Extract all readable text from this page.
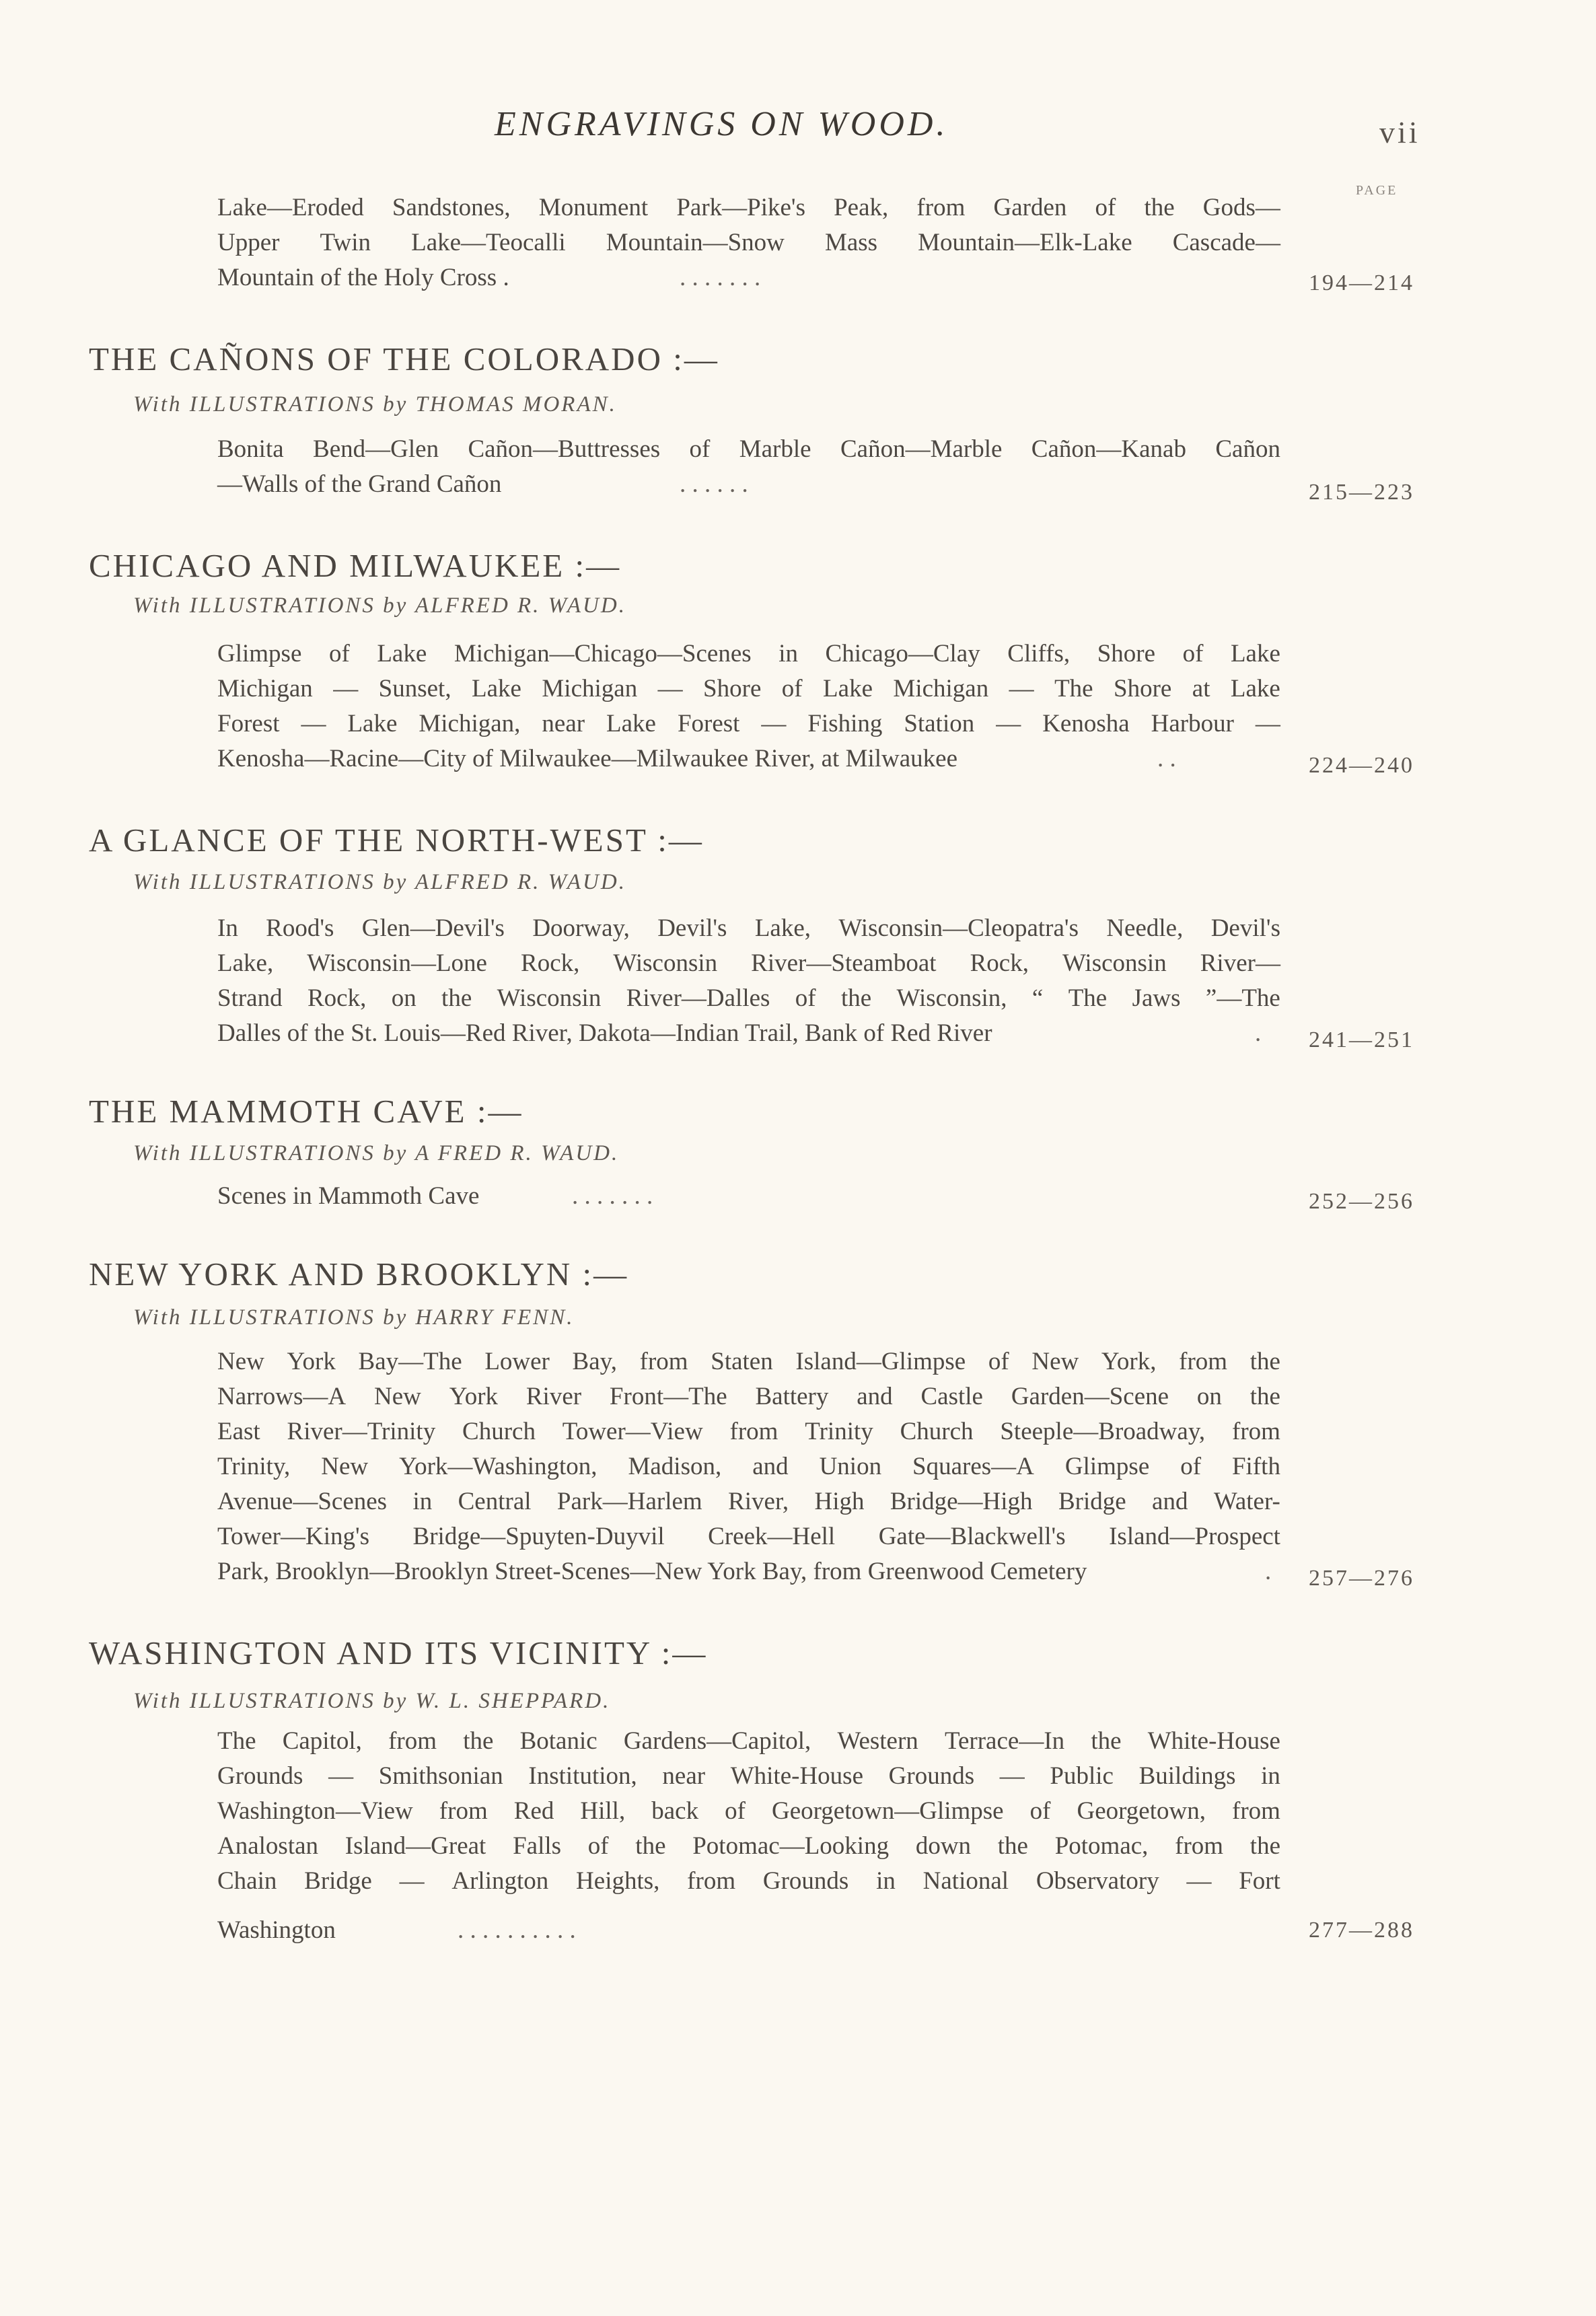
ENGRAVINGS ON WOOD.	vii
PAGE
Lake—Eroded Sandstones, Monument Park—Pike's Peak, from Garden of the Gods—
Upper Twin Lake—Teocalli Mountain—Snow Mass Mountain—Elk-Lake Cascade—
Mountain of the Holy Cross .	. . . . . . .	194—214
THE CAÑONS OF THE COLORADO :—
With ILLUSTRATIONS by THOMAS MORAN.
Bonita Bend—Glen Cañon—Buttresses of Marble Cañon—Marble Cañon—Kanab Cañon
—Walls of the Grand Cañon	. . . . . .	215—223
CHICAGO AND MILWAUKEE :—
With ILLUSTRATIONS by ALFRED R. WAUD.
Glimpse of Lake Michigan—Chicago—Scenes in Chicago—Clay Cliffs, Shore of Lake
Michigan — Sunset, Lake Michigan — Shore of Lake Michigan — The Shore at Lake
Forest — Lake Michigan, near Lake Forest — Fishing Station — Kenosha Harbour —
Kenosha—Racine—City of Milwaukee—Milwaukee River, at Milwaukee	. .	224—240
A GLANCE OF THE NORTH-WEST :—
With ILLUSTRATIONS by ALFRED R. WAUD.
In Rood's Glen—Devil's Doorway, Devil's Lake, Wisconsin—Cleopatra's Needle, Devil's
Lake, Wisconsin—Lone Rock, Wisconsin River—Steamboat Rock, Wisconsin River—
Strand Rock, on the Wisconsin River—Dalles of the Wisconsin, “ The Jaws ”—The
Dalles of the St. Louis—Red River, Dakota—Indian Trail, Bank of Red River	. 241—251
THE MAMMOTH CAVE :—
With ILLUSTRATIONS by A FRED R. WAUD.
Scenes in Mammoth Cave	. . . . . . .	252—256
NEW YORK AND BROOKLYN :—
With ILLUSTRATIONS by HARRY FENN.
New York Bay—The Lower Bay, from Staten Island—Glimpse of New York, from the
Narrows—A New York River Front—The Battery and Castle Garden—Scene on the
East River—Trinity Church Tower—View from Trinity Church Steeple—Broadway, from
Trinity, New York—Washington, Madison, and Union Squares—A Glimpse of Fifth
Avenue—Scenes in Central Park—Harlem River, High Bridge—High Bridge and Water-
Tower—King's Bridge—Spuyten-Duyvil Creek—Hell Gate—Blackwell's Island—Prospect
Park, Brooklyn—Brooklyn Street-Scenes—New York Bay, from Greenwood Cemetery	. 257—276
WASHINGTON AND ITS VICINITY :—
With ILLUSTRATIONS by W. L. SHEPPARD.
The Capitol, from the Botanic Gardens—Capitol, Western Terrace—In the White-House
Grounds — Smithsonian Institution, near White-House Grounds — Public Buildings in
Washington—View from Red Hill, back of Georgetown—Glimpse of Georgetown, from
Analostan Island—Great Falls of the Potomac—Looking down the Potomac, from the
Chain Bridge — Arlington Heights, from Grounds in National Observatory — Fort
Washington	. . . . . . . . . .	277—288
